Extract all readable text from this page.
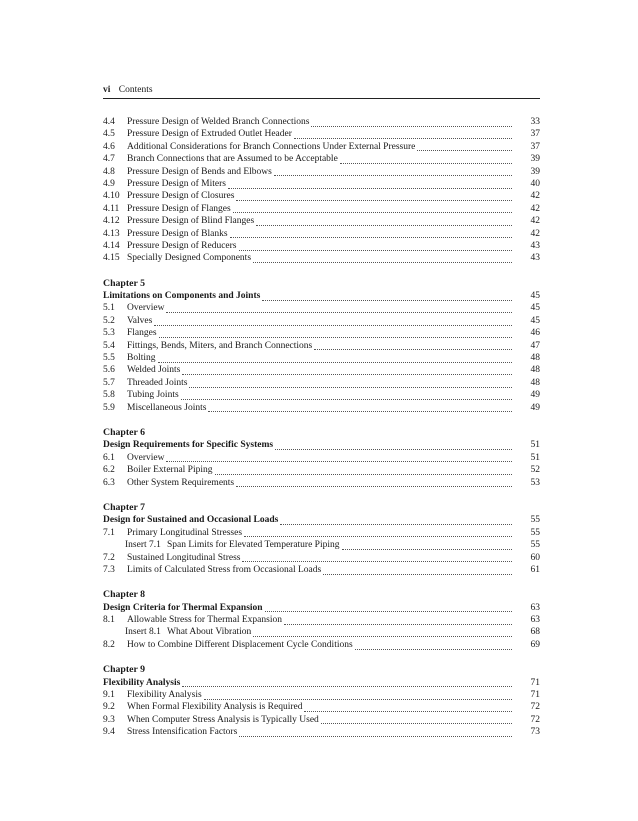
vi Contents
4.4	Pressure Design of Welded Branch Connections	33
4.5	Pressure Design of Extruded Outlet Header	37
4.6	Additional Considerations for Branch Connections Under External Pressure	37
4.7	Branch Connections that are Assumed to be Acceptable	39
4.8	Pressure Design of Bends and Elbows	39
4.9	Pressure Design of Miters	40
4.10 Pressure Design of Closures	42
4.11 Pressure Design of Flanges	42
4.12 Pressure Design of Blind Flanges	42
4.13 Pressure Design of Blanks	42
4.14 Pressure Design of Reducers	43
4.15 Specially Designed Components	43
Chapter 5
Limitations on Components and Joints	45
5.1	Overview	45
5.2	Valves	45
5.3	Flanges	46
5.4	Fittings, Bends, Miters, and Branch Connections	47
5.5	Bolting	48
5.6	Welded Joints	48
5.7	Threaded Joints	48
5.8	Tubing Joints	49
5.9	Miscellaneous Joints	49
Chapter 6
Design Requirements for Specific Systems	51
6.1	Overview	51
6.2	Boiler External Piping	52
6.3	Other System Requirements	53
Chapter 7
Design for Sustained and Occasional Loads	55
7.1	Primary Longitudinal Stresses	55
Insert 7.1 Span Limits for Elevated Temperature Piping	55
7.2	Sustained Longitudinal Stress	60
7.3	Limits of Calculated Stress from Occasional Loads	61
Chapter 8
Design Criteria for Thermal Expansion	63
8.1	Allowable Stress for Thermal Expansion	63
Insert 8.1 What About Vibration	68
8.2	How to Combine Different Displacement Cycle Conditions	69
Chapter 9
Flexibility Analysis	71
9.1	Flexibility Analysis	71
9.2	When Formal Flexibility Analysis is Required	72
9.3	When Computer Stress Analysis is Typically Used	72
9.4	Stress Intensification Factors	73
